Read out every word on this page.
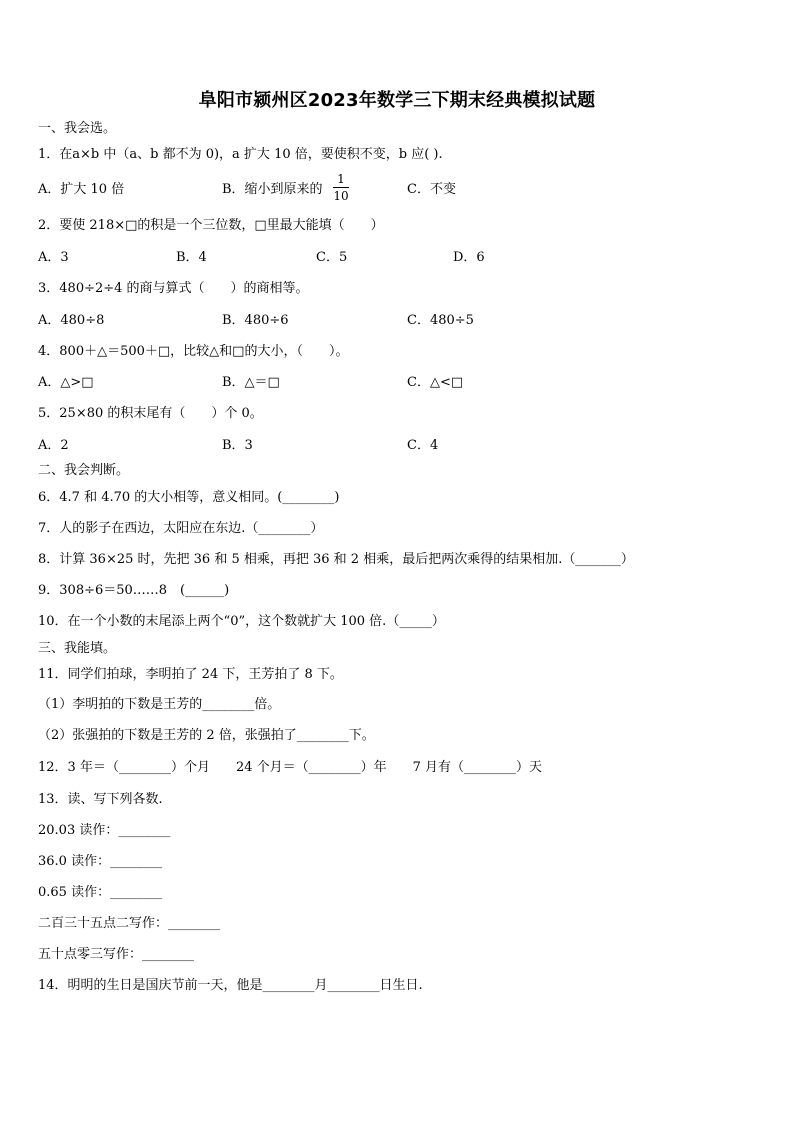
阜阳市颍州区2023年数学三下期末经典模拟试题
一、我会选。
1．在a×b 中（a、b 都不为 0)，a 扩大 10 倍，要使积不变，b 应( ).
A．扩大 10 倍	B．缩小到原来的
1
10	C．不变
2．要使 218×□的积是一个三位数，□里最大能填（　　）
A．3	B．4	C．5	D．6
3．480÷2÷4 的商与算式（　　）的商相等。
A．480÷8	B．480÷6	C．480÷5
4．800＋△＝500＋□，比较△和□的大小，（　　）。
A．△>□	B．△＝□	C．△<□
5．25×80 的积末尾有（　　）个 0。
A．2	B．3	C．4
二、我会判断。
6．4.7 和 4.70 的大小相等，意义相同。(________)
7．人的影子在西边，太阳应在东边.（________）
8．计算 36×25 时，先把 36 和 5 相乘，再把 36 和 2 相乘，最后把两次乘得的结果相加.（_______）
9．308÷6＝50……8　(______)
10．在一个小数的末尾添上两个“0”，这个数就扩大 100 倍.（_____）
三、我能填。
11．同学们拍球，李明拍了 24 下，王芳拍了 8 下。
（1）李明拍的下数是王芳的________倍。
（2）张强拍的下数是王芳的 2 倍，张强拍了________下。
12．3 年＝（________）个月　　24 个月＝（________）年　　7 月有（________）天
13．读、写下列各数.
20.03 读作：________
36.0 读作：________
0.65 读作：________
二百三十五点二写作：________
五十点零三写作：________
14．明明的生日是国庆节前一天，他是________月________日生日.
